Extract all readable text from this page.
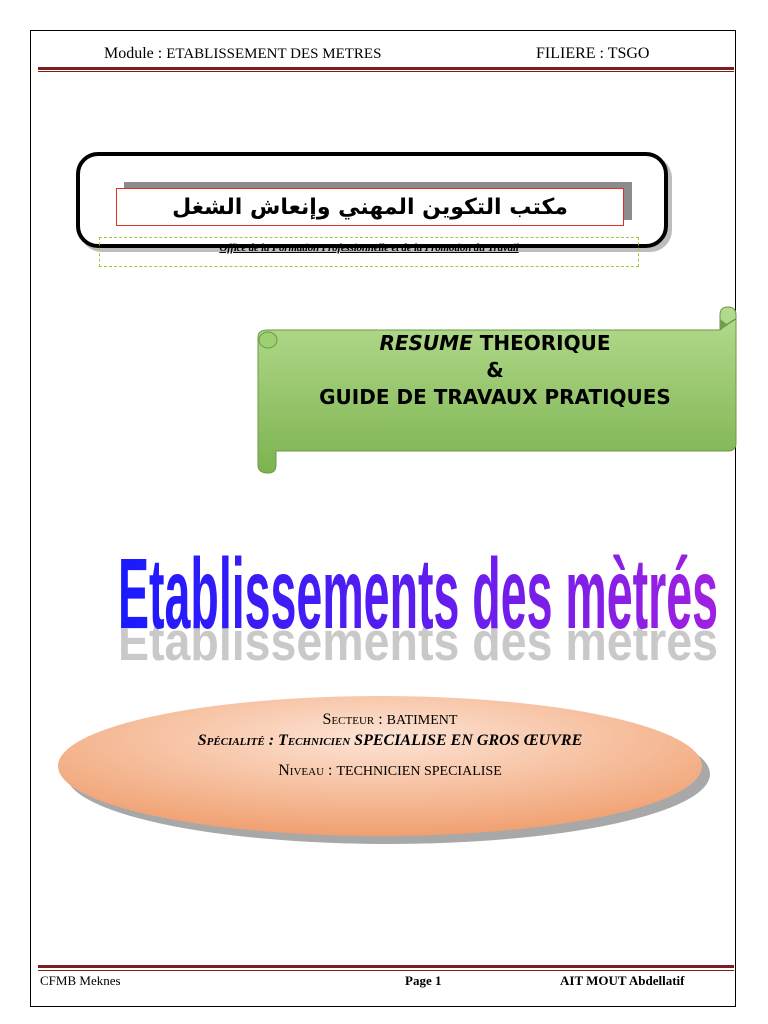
Module : ETABLISSEMENT DES METRES	FILIERE : TSGO
مكتب التكوين المهني وإنعاش الشغل
Office de la Formation Professionnelle et de la Promotion du Travail
RESUME THEORIQUE
&
GUIDE DE TRAVAUX PRATIQUES
Etablissements des mètrés
Etablissements des mètrés
Secteur : BATIMENT
Spécialité : Technicien SPECIALISE EN GROS ŒUVRE
Niveau : TECHNICIEN SPECIALISE
CFMB Meknes	Page 1	AIT MOUT Abdellatif
